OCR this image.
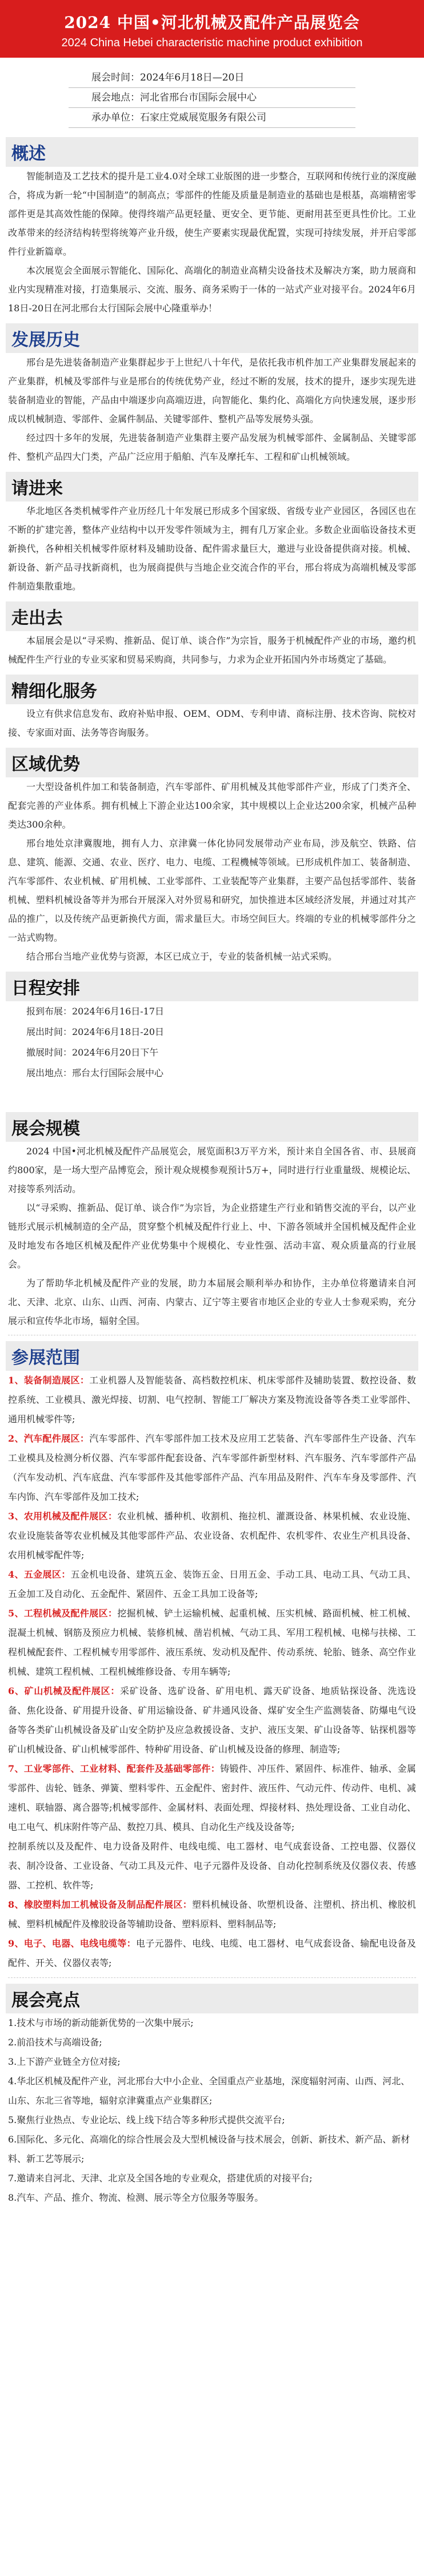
2024 中国•河北机械及配件产品展览会
2024 China Hebei characteristic machine product exhibition
展会时间：2024年6月18日—20日
展会地点：河北省邢台市国际会展中心
承办单位：石家庄党威展览服务有限公司
概述

智能制造及工艺技术的提升是工业4.0对全球工业版图的进一步整合，互联网和传统行业的深度融合，将成为新一轮“中国制造”的制高点；零部件的性能及质量是制造业的基础也是根基，高端精密零部件更是其高效性能的保障。使得终端产品更轻量、更安全、更节能、更耐用甚至更具性价比。工业改革带来的经济结构转型将统筹产业升级，使生产要素实现最优配置，实现可持续发展，并开启零部件行业新篇章。

本次展览会全面展示智能化、国际化、高端化的制造业高精尖设备技术及解决方案，助力展商和业内实现精准对接，打造集展示、交流、服务、商务采购于一体的一站式产业对接平台。2024年6月18日-20日在河北邢台太行国际会展中心隆重举办！

发展历史

邢台是先进装备制造产业集群起步于上世纪八十年代，是依托我市机件加工产业集群发展起来的产业集群，机械及零部件与业是邢台的传统优势产业，经过不断的发展，技术的提升，逐步实现先进装备制造业的智能，产品由中端逐步向高端迈进，向智能化、集约化、高端化方向快速发展，逐步形成以机械制造、零部件、金属件制品、关键零部件、整机产品等发展势头强。

经过四十多年的发展，先进装备制造产业集群主要产品发展为机械零部件、金属制品、关键零部件、整机产品四大门类，产品广泛应用于船舶、汽车及摩托车、工程和矿山机械领域。

请进来

华北地区各类机械零件产业历经几十年发展已形成多个国家级、省级专业产业园区，各园区也在不断的扩建完善，整体产业结构中以开发零件领域为主，拥有几万家企业。多数企业面临设备技术更新换代，各种相关机械零件原材料及辅助设备、配件需求量巨大，邀进与业设备提供商对接。机械、新设备、新产品寻找新商机，也为展商提供与当地企业交流合作的平台，邢台将成为高端机械及零部件制造集散重地。

走出去

本届展会是以“寻采购、推新品、促订单、谈合作”为宗旨，服务于机械配件产业的市场，邀约机械配件生产行业的专业买家和贸易采购商，共同参与，力求为企业开拓国内外市场奠定了基础。

精细化服务

设立有供求信息发布、政府补贴申报、OEM、ODM、专利申请、商标注册、技术咨询、院校对接、专家面对面、法务等咨询服务。

区域优势

一大型设备机件加工和装备制造，汽车零部件、矿用机械及其他零部件产业，形成了门类齐全、配套完善的产业体系。拥有机械上下游企业达100余家，其中规模以上企业达200余家，机械产品种类达300余种。

邢台地处京津冀腹地，拥有人力、京津冀一体化协同发展带动产业布局，涉及航空、铁路、信息、建筑、能源、交通、农业、医疗、电力、电缆、工程機械等领域。已形成机件加工、装备制造、汽车零部件、农业机械、矿用机械、工业零部件、工业装配等产业集群，主要产品包括零部件、装备机械、塑料机械设备等并为邢台开展深入对外贸易和研究，加快推进本区域经济发展，并通过对其产品的推广，以及传统产品更新换代方面，需求量巨大。市场空间巨大。终端的专业的机械零部件分之一站式购物。

结合邢台当地产业优势与资源，本区已成立于，专业的装备机械一站式采购。

日程安排
报到布展：2024年6月16日-17日
展出时间：2024年6月18日-20日
撤展时间：2024年6月20日下午
展出地点：邢台太行国际会展中心
展会规模

2024 中国•河北机械及配件产品展览会，展览面积3万平方米，预计来自全国各省、市、县展商约800家，是一场大型产品博览会，预计观众规模参观预计5万+，同时进行行业重量级、规模论坛、对接等系列活动。

以“寻采购、推新品、促订单、谈合作”为宗旨，为企业搭建生产行业和销售交流的平台，以产业链形式展示机械制造的全产品，贯穿整个机械及配件行业上、中、下游各领域并全国机械及配件企业及时地发布各地区机械及配件产业优势集中个规模化、专业性强、活动丰富、观众质量高的行业展会。

为了帮助华北机械及配件产业的发展，助力本届展会顺利举办和协作，主办单位将邀请来自河北、天津、北京、山东、山西、河南、内蒙古、辽宁等主要省市地区企业的专业人士参观采购，充分展示和宣传华北市场，辐射全国。

参展范围
1、装备制造展区：工业机器人及智能装备、高档数控机床、机床零部件及辅助装置、数控设备、数控系统、工业模具、激光焊接、切割、电气控制、智能工厂解决方案及物流设备等各类工业零部件、通用机械零件等;
2、汽车配件展区：汽车零部件、汽车零部件加工技术及应用工艺装备、汽车零部件生产设备、汽车工业模具及检测分析仪器、汽车零部件配套设备、汽车零部件新型材料、汽车服务、汽车零部件产品（汽车发动机、汽车底盘、汽车零部件及其他零部件产品、汽车用品及附件、汽车车身及零部件、汽车内饰、汽车零部件及加工技术;
3、农用机械及配件展区：农业机械、播种机、收割机、拖拉机、灌溉设备、林果机械、农业设施、农业设施装备等农业机械及其他零部件产品、农业设备、农机配件、农机零件、农业生产机具设备、农用机械零配件等;
4、五金展区：五金机电设备、建筑五金、装饰五金、日用五金、手动工具、电动工具、气动工具、五金加工及自动化、五金配件、紧固件、五金工具加工设备等;
5、工程机械及配件展区：挖掘机械、铲土运输机械、起重机械、压实机械、路面机械、桩工机械、混凝土机械、钢筋及预应力机械、装修机械、凿岩机械、气动工具、军用工程机械、电梯与扶梯、工程机械配套件、工程机械专用零部件、液压系统、发动机及配件、传动系统、轮胎、链条、高空作业机械、建筑工程机械、工程机械维修设备、专用车辆等;
6、矿山机械及配件展区：采矿设备、选矿设备、矿用电机、露天矿设备、地质钻探设备、洗选设备、焦化设备、矿用提升设备、矿用运输设备、矿井通风设备、煤矿安全生产监测装备、防爆电气设备等各类矿山机械设备及矿山安全防护及应急救援设备、支护、液压支架、矿山设备等、钻探机器等矿山机械设备、矿山机械零部件、特种矿用设备、矿山机械及设备的修理、制造等;
7、工业零部件、工业材料、配套件及基础零部件：铸锻件、冲压件、紧固件、标准件、轴承、金属零部件、齿轮、链条、弹簧、塑料零件、五金配件、密封件、液压件、气动元件、传动件、电机、减速机、联轴器、离合器等;机械零部件、金属材料、表面处理、焊接材料、热处理设备、工业自动化、电工电气、机床附件等产品、数控刀具、模具、自动化生产线及设备等;
控制系统以及及配件、电力设备及附件、电线电缆、电工器材、电气成套设备、工控电器、仪器仪表、制冷设备、工业设备、气动工具及元件、电子元器件及设备、自动化控制系统及仪器仪表、传感器、工控机、软件等;
8、橡胶塑料加工机械设备及制品配件展区：塑料机械设备、吹塑机设备、注塑机、挤出机、橡胶机械、塑料机械配件及橡胶设备等辅助设备、塑料原料、塑料制品等;
9、电子、电器、电线电缆等：电子元器件、电线、电缆、电工器材、电气成套设备、输配电设备及配件、开关、仪器仪表等;
展会亮点
1.技术与市场的新动能新优势的一次集中展示;
2.前沿技术与高端设备;
3.上下游产业链全方位对接;
4.华北区机械及配件产业，河北邢台大中小企业、全国重点产业基地，深度辐射河南、山西、河北、山东、东北三省等地，辐射京津冀重点产业集群区;
5.聚焦行业热点、专业论坛、线上线下结合等多种形式提供交流平台;
6.国际化、多元化、高端化的综合性展会及大型机械设备与技术展会，创新、新技术、新产品、新材料、新工艺等展示;
7.邀请来自河北、天津、北京及全国各地的专业观众，搭建优质的对接平台;
8.汽车、产品、推介、物流、检测、展示等全方位服务等服务。
